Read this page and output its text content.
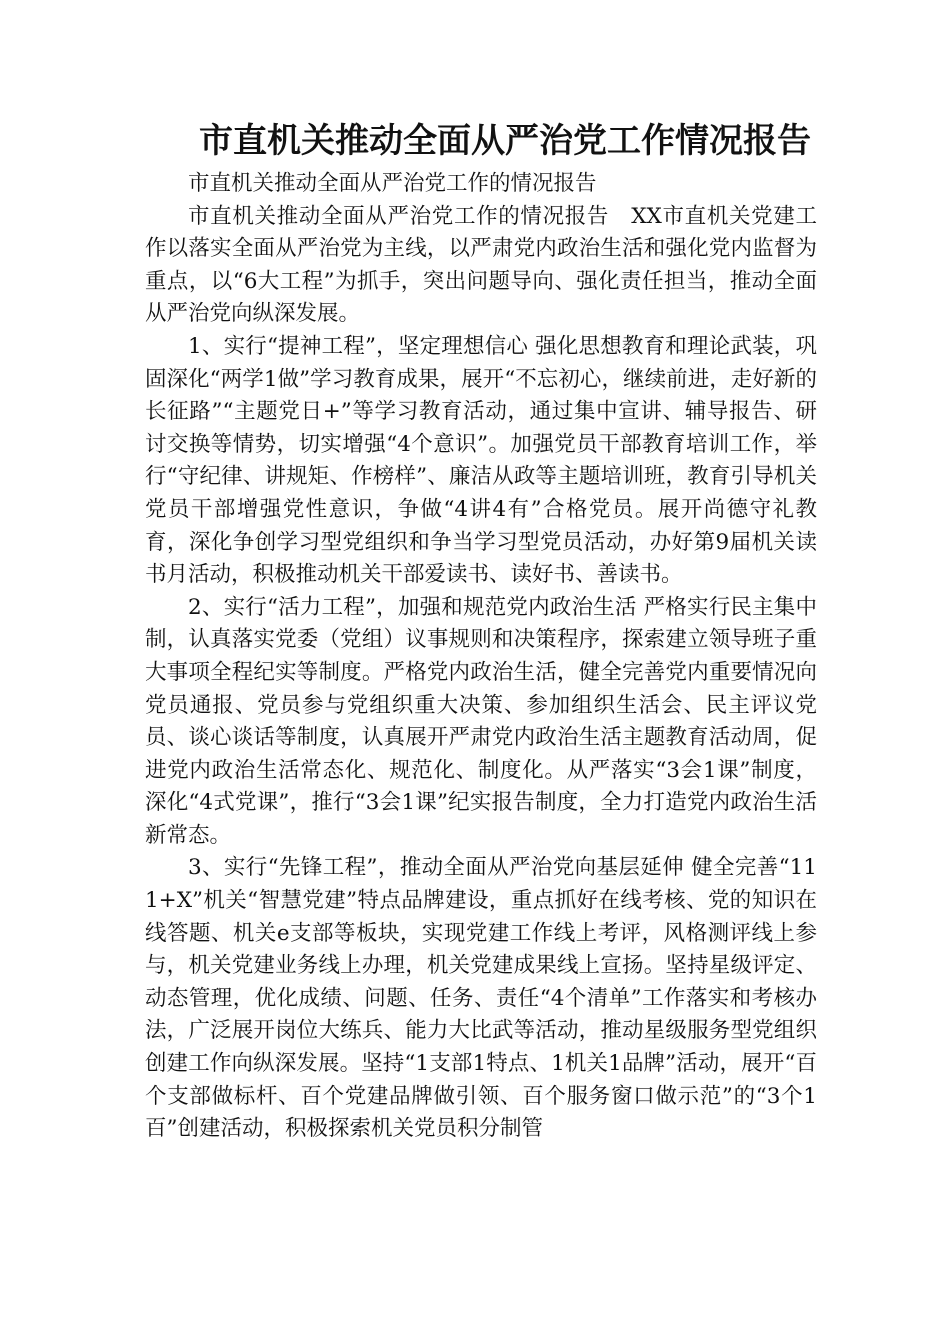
市直机关推动全面从严治党工作情况报告

市直机关推动全面从严治党工作的情况报告

市直机关推动全面从严治党工作的情况报告　XX市直机关党建工作以落实全面从严治党为主线，以严肃党内政治生活和强化党内监督为重点，以“6大工程”为抓手，突出问题导向、强化责任担当，推动全面从严治党向纵深发展。

1、实行“提神工程”，坚定理想信心 强化思想教育和理论武装，巩固深化“两学1做”学习教育成果，展开“不忘初心，继续前进，走好新的长征路”“主题党日+”等学习教育活动，通过集中宣讲、辅导报告、研讨交换等情势，切实增强“4个意识”。加强党员干部教育培训工作，举行“守纪律、讲规矩、作榜样”、廉洁从政等主题培训班，教育引导机关党员干部增强党性意识，争做“4讲4有”合格党员。展开尚德守礼教育，深化争创学习型党组织和争当学习型党员活动，办好第9届机关读书月活动，积极推动机关干部爱读书、读好书、善读书。

2、实行“活力工程”，加强和规范党内政治生活 严格实行民主集中制，认真落实党委（党组）议事规则和决策程序，探索建立领导班子重大事项全程纪实等制度。严格党内政治生活，健全完善党内重要情况向党员通报、党员参与党组织重大决策、参加组织生活会、民主评议党员、谈心谈话等制度，认真展开严肃党内政治生活主题教育活动周，促进党内政治生活常态化、规范化、制度化。从严落实“3会1课”制度，深化“4式党课”，推行“3会1课”纪实报告制度，全力打造党内政治生活新常态。

3、实行“先锋工程”，推动全面从严治党向基层延伸 健全完善“111+X”机关“智慧党建”特点品牌建设，重点抓好在线考核、党的知识在线答题、机关e支部等板块，实现党建工作线上考评，风格测评线上参与，机关党建业务线上办理，机关党建成果线上宣扬。坚持星级评定、动态管理，优化成绩、问题、任务、责任“4个清单”工作落实和考核办法，广泛展开岗位大练兵、能力大比武等活动，推动星级服务型党组织创建工作向纵深发展。坚持“1支部1特点、1机关1品牌”活动，展开“百个支部做标杆、百个党建品牌做引领、百个服务窗口做示范”的“3个1百”创建活动，积极探索机关党员积分制管
